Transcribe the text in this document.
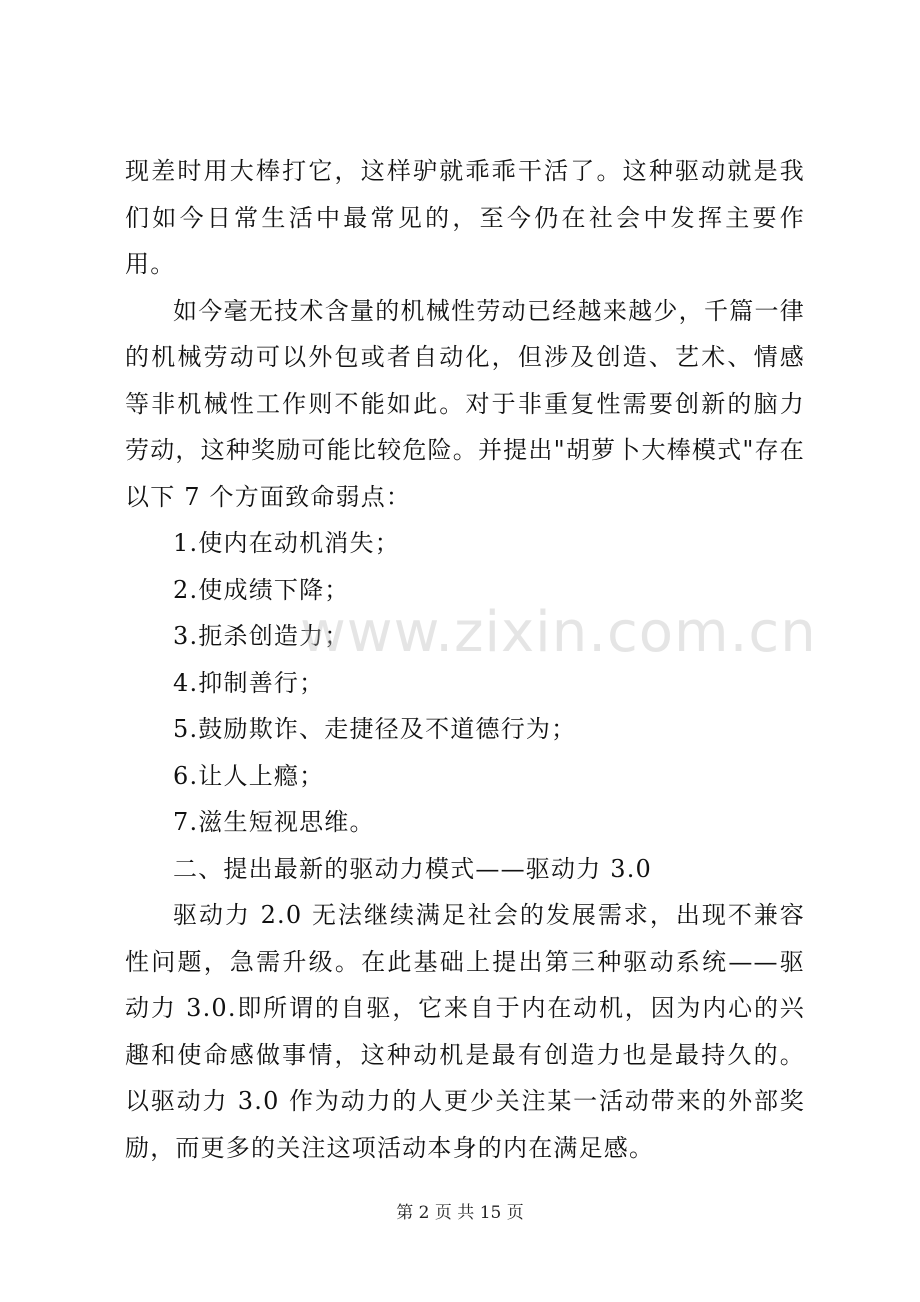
现差时用大棒打它，这样驴就乖乖干活了。这种驱动就是我们如今日常生活中最常见的，至今仍在社会中发挥主要作用。

如今毫无技术含量的机械性劳动已经越来越少，千篇一律的机械劳动可以外包或者自动化，但涉及创造、艺术、情感等非机械性工作则不能如此。对于非重复性需要创新的脑力劳动，这种奖励可能比较危险。并提出"胡萝卜大棒模式"存在以下 7 个方面致命弱点：

1.使内在动机消失；

2.使成绩下降；

3.扼杀创造力；

4.抑制善行；

5.鼓励欺诈、走捷径及不道德行为；

6.让人上瘾；

7.滋生短视思维。

二、提出最新的驱动力模式——驱动力 3.0

驱动力 2.0 无法继续满足社会的发展需求，出现不兼容性问题，急需升级。在此基础上提出第三种驱动系统——驱动力 3.0.即所谓的自驱，它来自于内在动机，因为内心的兴趣和使命感做事情，这种动机是最有创造力也是最持久的。以驱动力 3.0 作为动力的人更少关注某一活动带来的外部奖励，而更多的关注这项活动本身的内在满足感。

www.zixin.com.cn
第 2 页 共 15 页
